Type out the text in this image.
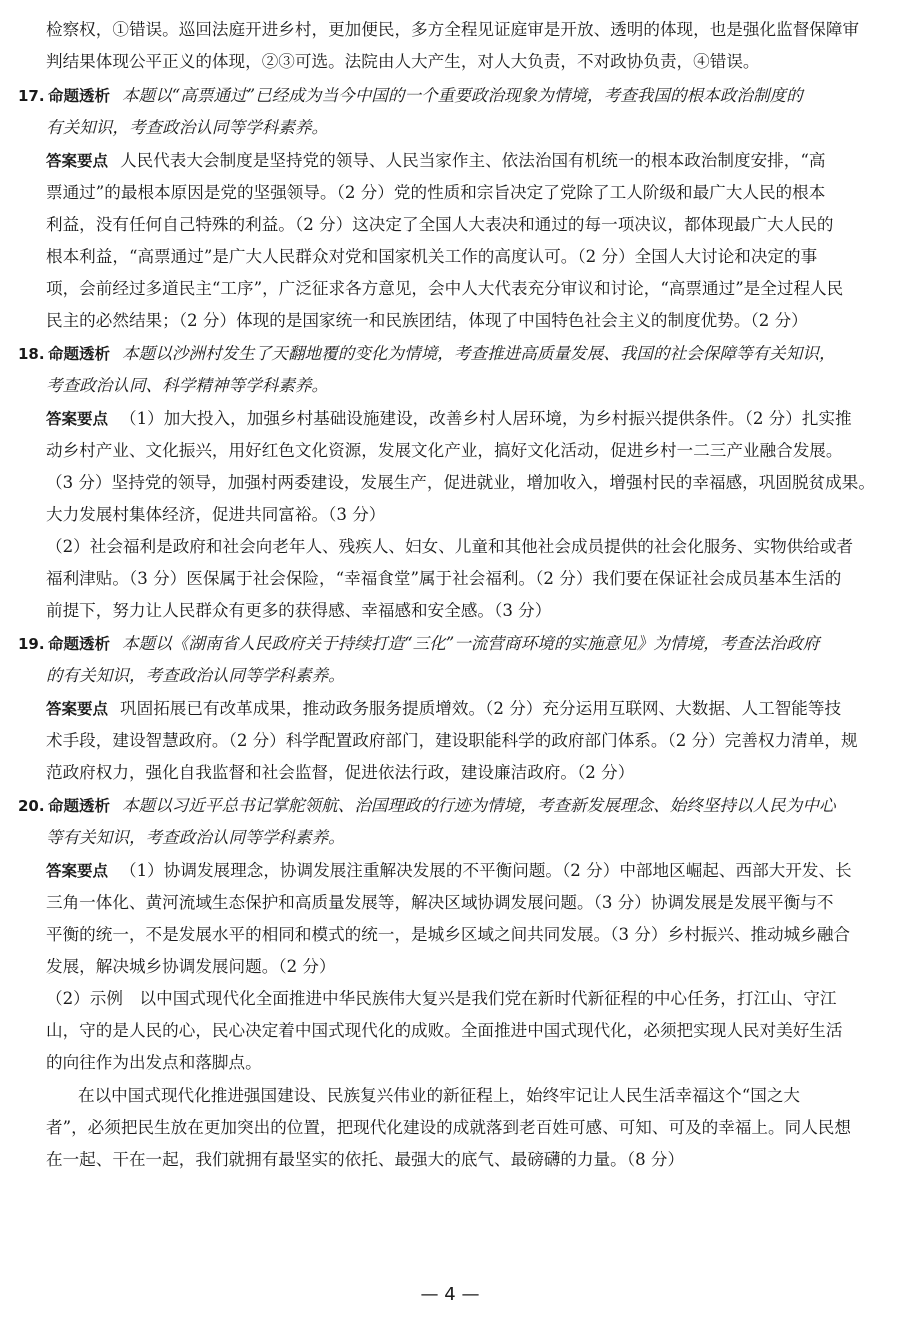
检察权，①错误。巡回法庭开进乡村，更加便民，多方全程见证庭审是开放、透明的体现，也是强化监督保障审
判结果体现公平正义的体现，②③可选。法院由人大产生，对人大负责，不对政协负责，④错误。
17. 命题透析 本题以“高票通过”已经成为当今中国的一个重要政治现象为情境，考查我国的根本政治制度的
有关知识，考查政治认同等学科素养。
答案要点 人民代表大会制度是坚持党的领导、人民当家作主、依法治国有机统一的根本政治制度安排，“高
票通过”的最根本原因是党的坚强领导。（2 分）党的性质和宗旨决定了党除了工人阶级和最广大人民的根本
利益，没有任何自己特殊的利益。（2 分）这决定了全国人大表决和通过的每一项决议，都体现最广大人民的
根本利益，“高票通过”是广大人民群众对党和国家机关工作的高度认可。（2 分）全国人大讨论和决定的事
项，会前经过多道民主“工序”，广泛征求各方意见，会中人大代表充分审议和讨论，“高票通过”是全过程人民
民主的必然结果；（2 分）体现的是国家统一和民族团结，体现了中国特色社会主义的制度优势。（2 分）
18. 命题透析 本题以沙洲村发生了天翻地覆的变化为情境，考查推进高质量发展、我国的社会保障等有关知识，
考查政治认同、科学精神等学科素养。
答案要点 （1）加大投入，加强乡村基础设施建设，改善乡村人居环境，为乡村振兴提供条件。（2 分）扎实推
动乡村产业、文化振兴，用好红色文化资源，发展文化产业，搞好文化活动，促进乡村一二三产业融合发展。
（3 分）坚持党的领导，加强村两委建设，发展生产，促进就业，增加收入，增强村民的幸福感，巩固脱贫成果。
大力发展村集体经济，促进共同富裕。（3 分）
（2）社会福利是政府和社会向老年人、残疾人、妇女、儿童和其他社会成员提供的社会化服务、实物供给或者
福利津贴。（3 分）医保属于社会保险，“幸福食堂”属于社会福利。（2 分）我们要在保证社会成员基本生活的
前提下，努力让人民群众有更多的获得感、幸福感和安全感。（3 分）
19. 命题透析 本题以《湖南省人民政府关于持续打造“三化”一流营商环境的实施意见》为情境，考查法治政府
的有关知识，考查政治认同等学科素养。
答案要点 巩固拓展已有改革成果，推动政务服务提质增效。（2 分）充分运用互联网、大数据、人工智能等技
术手段，建设智慧政府。（2 分）科学配置政府部门，建设职能科学的政府部门体系。（2 分）完善权力清单，规
范政府权力，强化自我监督和社会监督，促进依法行政，建设廉洁政府。（2 分）
20. 命题透析 本题以习近平总书记掌舵领航、治国理政的行迹为情境，考查新发展理念、始终坚持以人民为中心
等有关知识，考查政治认同等学科素养。
答案要点 （1）协调发展理念，协调发展注重解决发展的不平衡问题。（2 分）中部地区崛起、西部大开发、长
三角一体化、黄河流域生态保护和高质量发展等，解决区域协调发展问题。（3 分）协调发展是发展平衡与不
平衡的统一，不是发展水平的相同和模式的统一，是城乡区域之间共同发展。（3 分）乡村振兴、推动城乡融合
发展，解决城乡协调发展问题。（2 分）
（2）示例　以中国式现代化全面推进中华民族伟大复兴是我们党在新时代新征程的中心任务，打江山、守江
山，守的是人民的心，民心决定着中国式现代化的成败。全面推进中国式现代化，必须把实现人民对美好生活
的向往作为出发点和落脚点。
在以中国式现代化推进强国建设、民族复兴伟业的新征程上，始终牢记让人民生活幸福这个“国之大
者”，必须把民生放在更加突出的位置，把现代化建设的成就落到老百姓可感、可知、可及的幸福上。同人民想
在一起、干在一起，我们就拥有最坚实的依托、最强大的底气、最磅礴的力量。（8 分）
— 4 —
